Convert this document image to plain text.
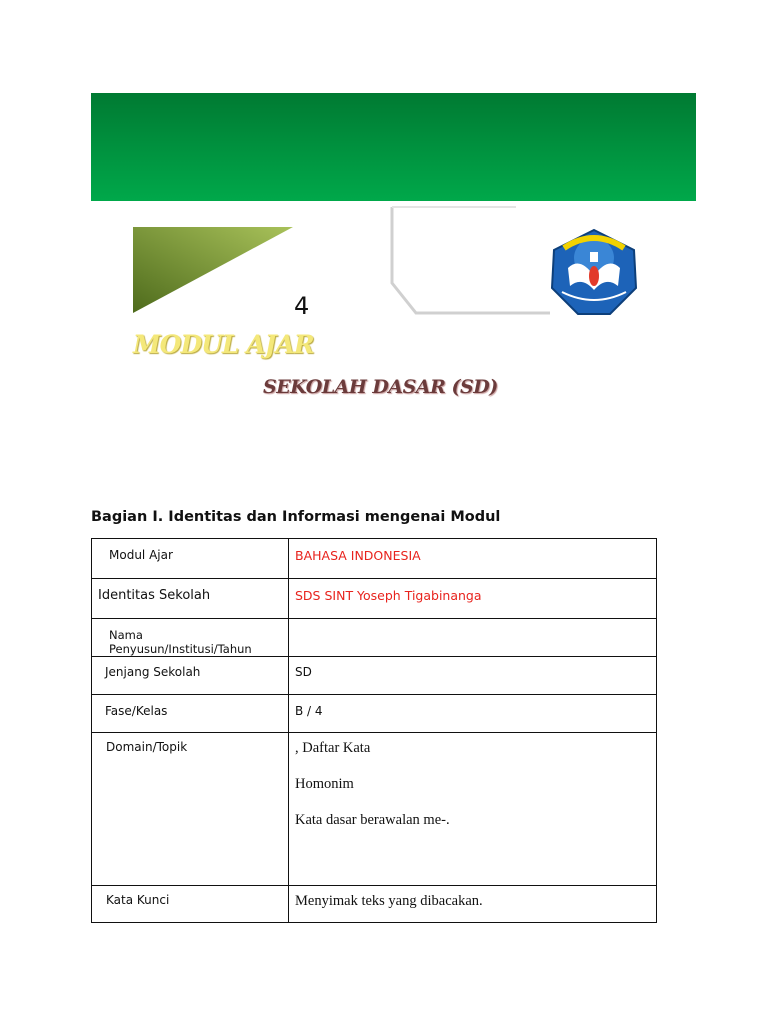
4
MODUL AJAR
SEKOLAH DASAR (SD)
Bagian I. Identitas dan Informasi mengenai Modul
Modul Ajar	BAHASA INDONESIA

Identitas Sekolah	SDS SINT Yoseph Tigabinanga

Nama Penyusun/Institusi/Tahun	

Jenjang Sekolah	SD

Fase/Kelas	B / 4

Domain/Topik	, Daftar Kata
Homonim
Kata dasar berawalan me-.

Kata Kunci	Menyimak teks yang dibacakan.
